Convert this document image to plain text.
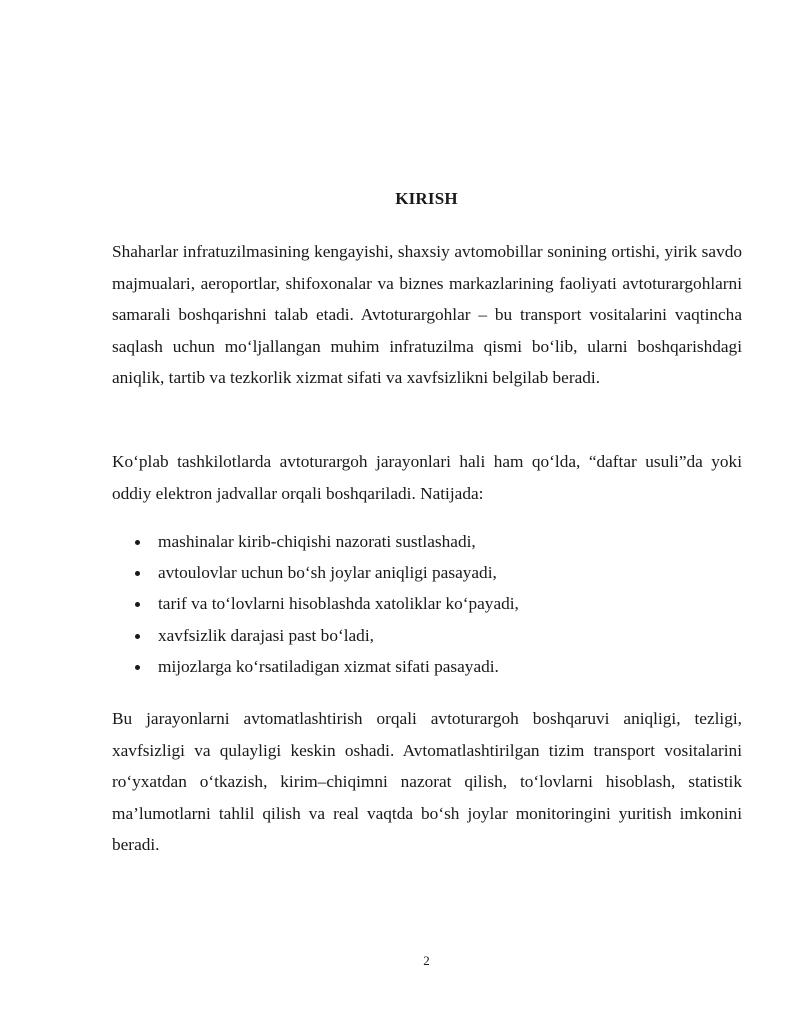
KIRISH

Shaharlar infratuzilmasining kengayishi, shaxsiy avtomobillar sonining ortishi, yirik savdo majmualari, aeroportlar, shifoxonalar va biznes markazlarining faoliyati avtoturargohlarni samarali boshqarishni talab etadi. Avtoturargohlar – bu transport vositalarini vaqtincha saqlash uchun mo‘ljallangan muhim infratuzilma qismi bo‘lib, ularni boshqarishdagi aniqlik, tartib va tezkorlik xizmat sifati va xavfsizlikni belgilab beradi.

Ko‘plab tashkilotlarda avtoturargoh jarayonlari hali ham qo‘lda, “daftar usuli”da yoki oddiy elektron jadvallar orqali boshqariladi. Natijada:

mashinalar kirib-chiqishi nazorati sustlashadi,
avtoulovlar uchun bo‘sh joylar aniqligi pasayadi,
tarif va to‘lovlarni hisoblashda xatoliklar ko‘payadi,
xavfsizlik darajasi past bo‘ladi,
mijozlarga ko‘rsatiladigan xizmat sifati pasayadi.

Bu jarayonlarni avtomatlashtirish orqali avtoturargoh boshqaruvi aniqligi, tezligi, xavfsizligi va qulayligi keskin oshadi. Avtomatlashtirilgan tizim transport vositalarini ro‘yxatdan o‘tkazish, kirim–chiqimni nazorat qilish, to‘lovlarni hisoblash, statistik ma’lumotlarni tahlil qilish va real vaqtda bo‘sh joylar monitoringini yuritish imkonini beradi.

2
